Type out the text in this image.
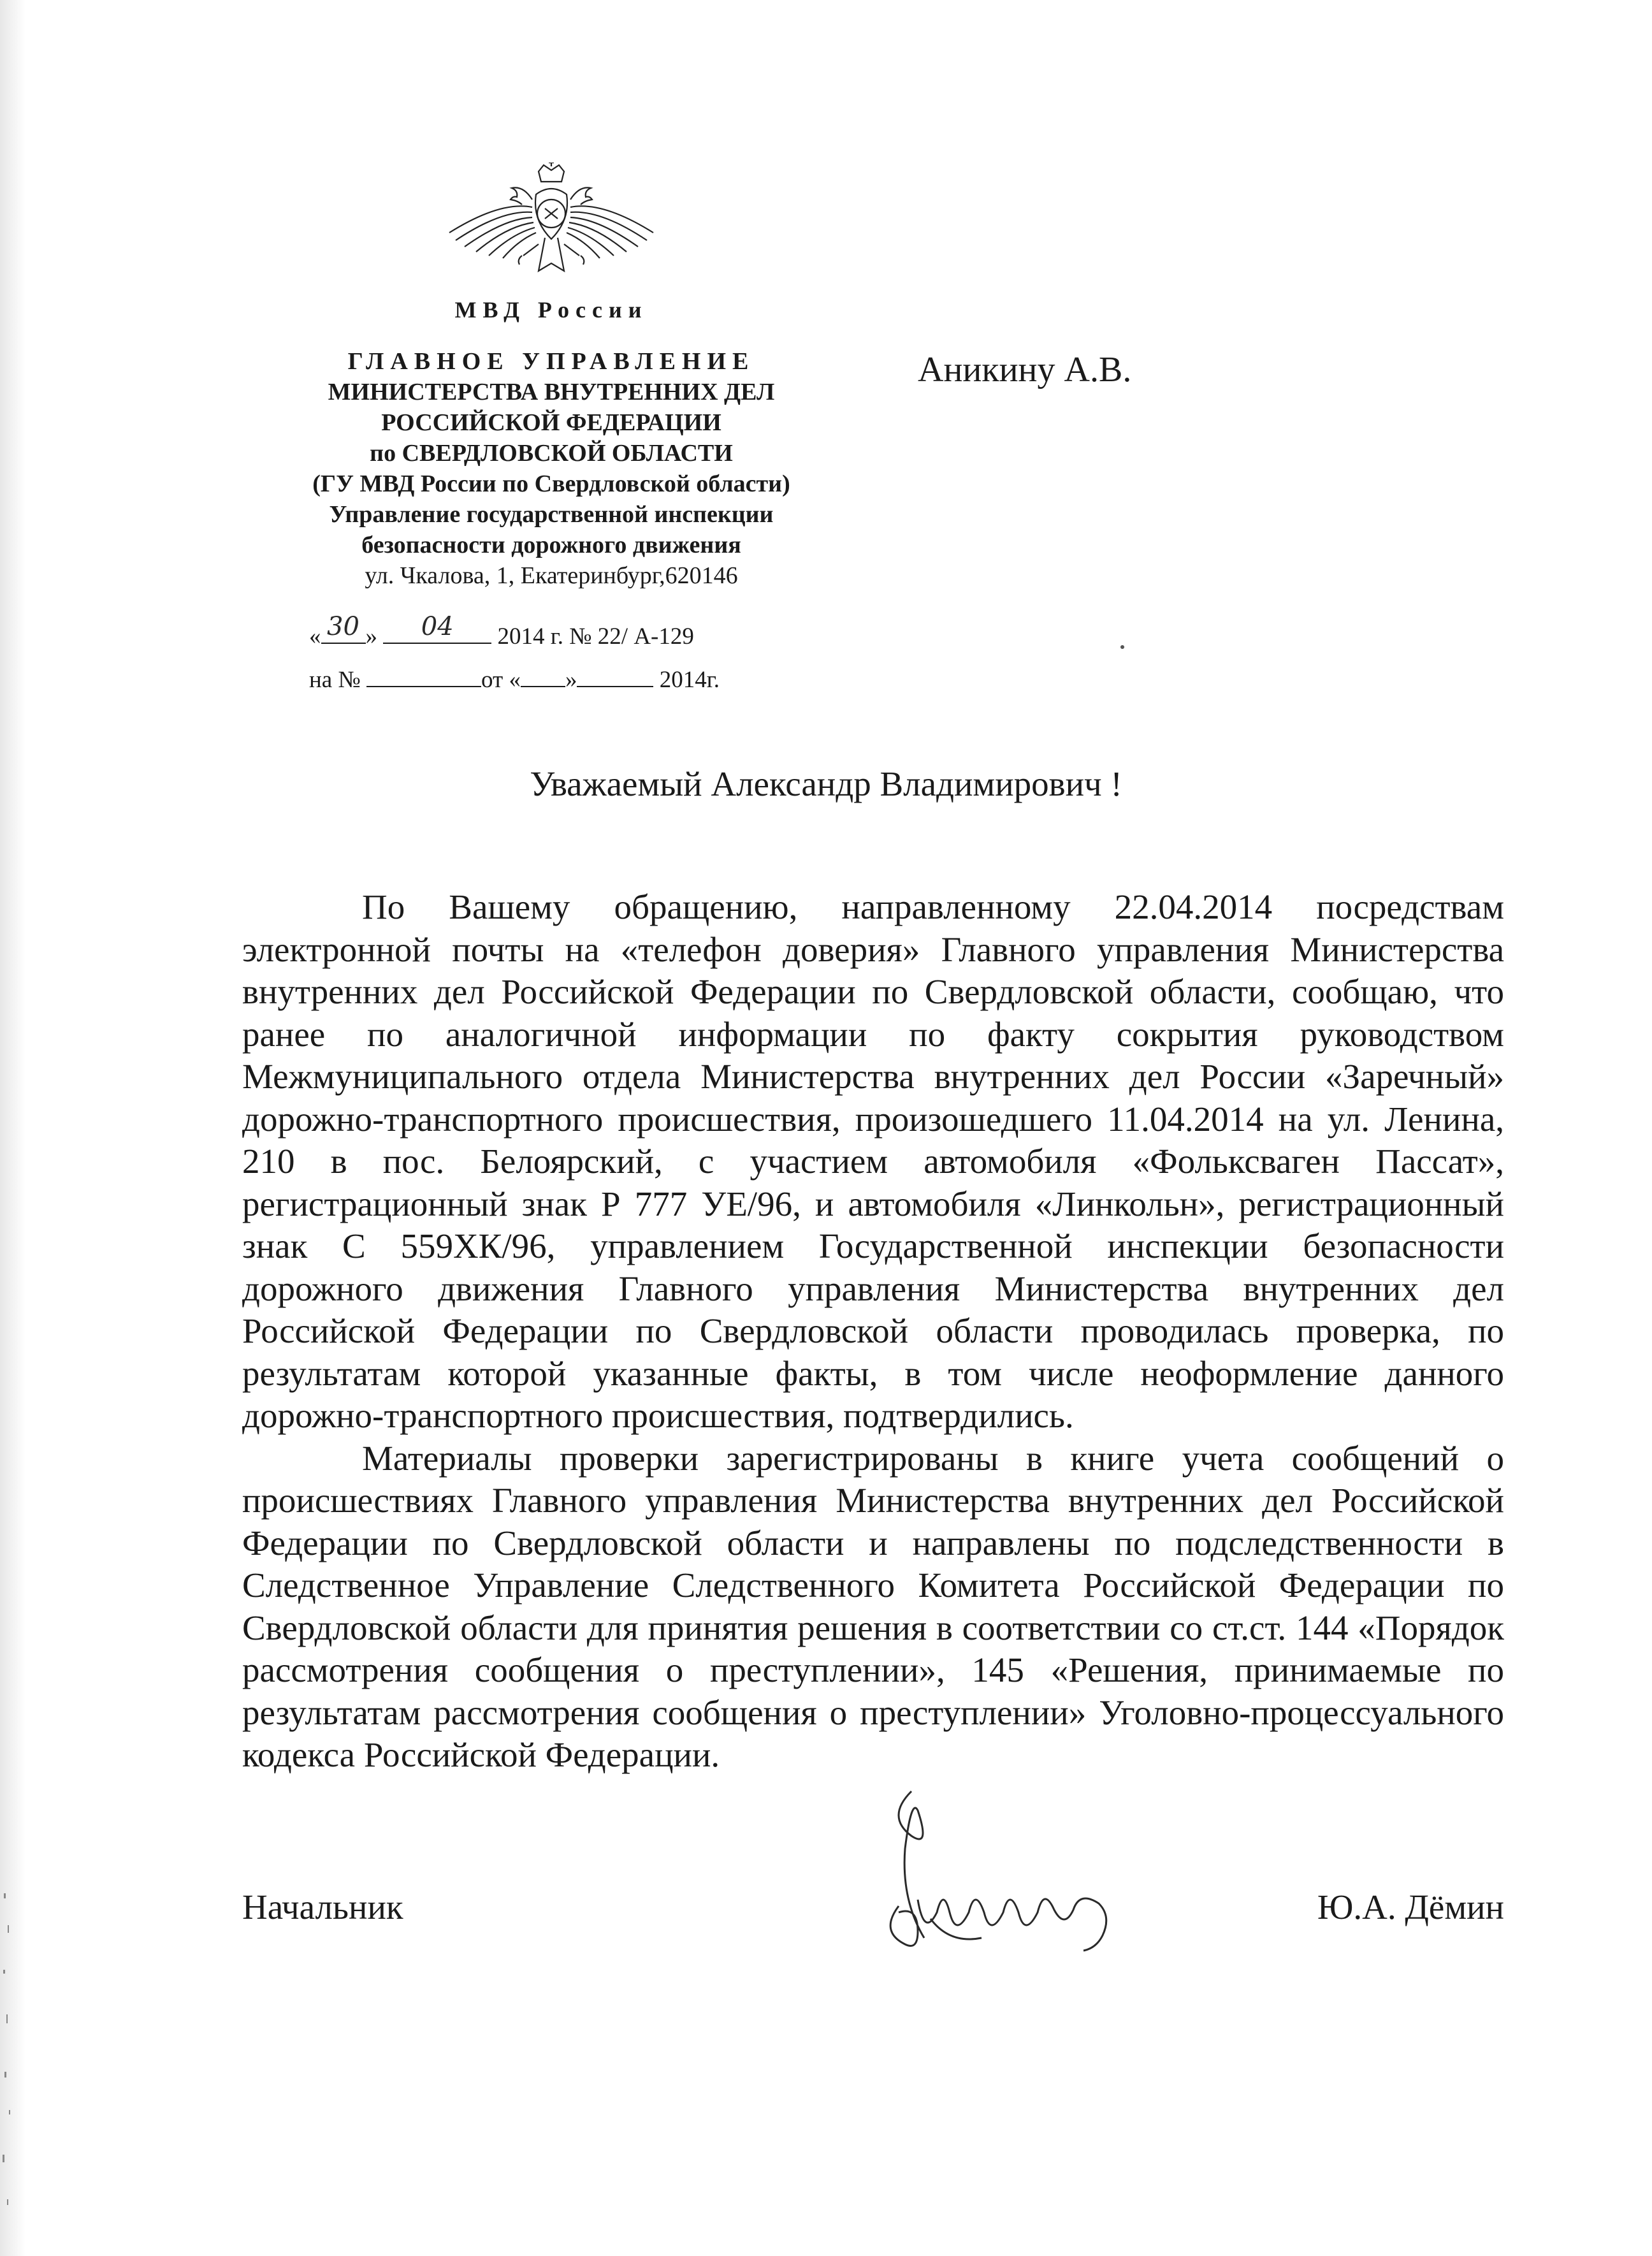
МВД России
ГЛАВНОЕ УПРАВЛЕНИЕ
МИНИСТЕРСТВА ВНУТРЕННИХ ДЕЛ
РОССИЙСКОЙ ФЕДЕРАЦИИ
по СВЕРДЛОВСКОЙ ОБЛАСТИ
(ГУ МВД России по Свердловской области)
Управление государственной инспекции
безопасности дорожного движения
ул. Чкалова, 1, Екатеринбург,620146
« 30 »	04	2014 г. № 22/ А-129
на №	от « »	2014г.
Аникину А.В.
Уважаемый Александр Владимирович !

По Вашему обращению, направленному 22.04.2014 посредствам электронной почты на «телефон доверия» Главного управления Министерства внутренних дел Российской Федерации по Свердловской области, сообщаю, что ранее по аналогичной информации по факту сокрытия руководством Межмуниципального отдела Министерства внутренних дел России «Заречный» дорожно-транспортного происшествия, произошедшего 11.04.2014 на ул. Ленина, 210 в пос. Белоярский, с участием автомобиля «Фольксваген Пассат», регистрационный знак Р 777 УЕ/96, и автомобиля «Линкольн», регистрационный знак С 559ХК/96, управлением Государственной инспекции безопасности дорожного движения Главного управления Министерства внутренних дел Российской Федерации по Свердловской области проводилась проверка, по результатам которой указанные факты, в том числе неоформление данного дорожно-транспортного происшествия, подтвердились.

Материалы проверки зарегистрированы в книге учета сообщений о происшествиях Главного управления Министерства внутренних дел Российской Федерации по Свердловской области и направлены по подследственности в Следственное Управление Следственного Комитета Российской Федерации по Свердловской области для принятия решения в соответствии со ст.ст. 144 «Порядок рассмотрения сообщения о преступлении», 145 «Решения, принимаемые по результатам рассмотрения сообщения о преступлении» Уголовно-процессуального кодекса Российской Федерации.

Начальник	Ю.А. Дёмин
